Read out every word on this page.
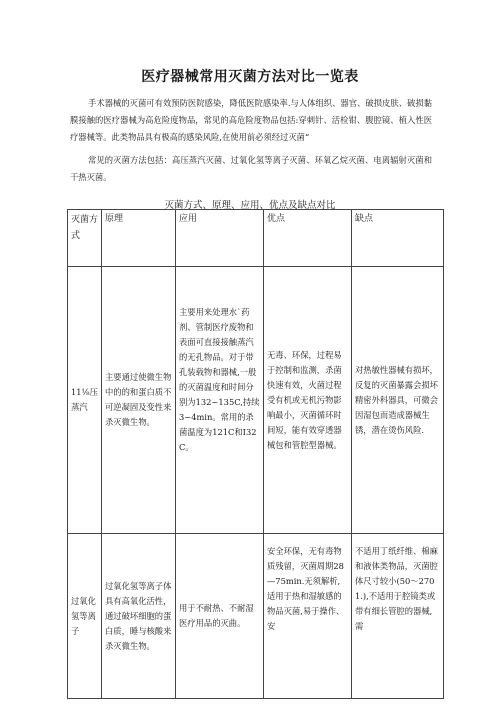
医疗器械常用灭菌方法对比一览表

手术器械的灭菌可有效预防医院感染，降低医院感染率.与人体组织、器官、破损皮肤、破损黏膜接触的医疗器械为高危险度物品，常见的高危险度物品包括:穿刺针、活检钳、腹腔镜、植入性医疗器械等。此类物品具有极高的感染风险,在使用前必须经过灭菌“

常见的灭菌方法包括：高压蒸汽灭菌、过氧化氢等离子灭菌、环氧乙烷灭菌、电离辐射灭菌和干热灭菌。

灭菌方式、原理、应用、优点及缺点对比
灭菌方式	原理	应用	优点	缺点
11⅛压蒸汽	主要通过使微生物中的的和蛋白质不可逆凝固及变性来杀灭微生物。	主要用来处理水`药剂、管制医疗废物和表面可直接接触蒸汽的无孔物品。对于带孔装载物和器械,一般的灭菌温度和时间分别为132~135C,持续3~4min。常用的杀菌温度为121C和I32C。	无毒、环保，过程易于控制和监测，杀菌快速有效，火菌过程受有机或无机污物影响最小，灭菌循环时间短，能有效穿透器械包和管腔型器械。	对热敏性器械有损坏，反复的灭菌暴露会损坏精密外科器具，可微会因湿包而造成器械生锈，潜在烫伤风险.
过氧化氢等离子	过氧化氢等离子体具有高氧化活性，通过破坏细胞的蛋白质，睡与核酸来杀灭微生物。	用于不耐热、不耐湿医疗用品的灭曲。	安全环保，无有毒物质残留，灭菌周期28—75min.无须解析,适用于热和湿敏感的物品灭菌,易于操作、安	不适用丁纸纤维、棉麻和液体类物品，灭菌腔体尺寸较小(50〜2701.),不适用于腔镜类或带有细长管腔的器械,需
